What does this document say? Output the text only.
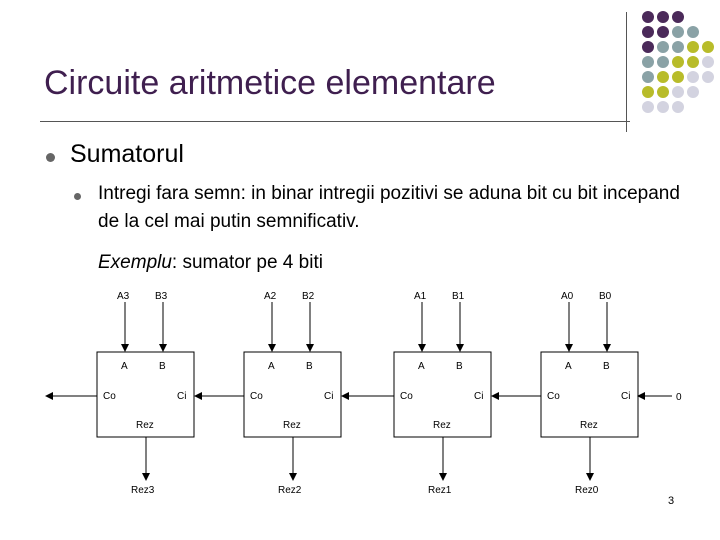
Circuite aritmetice elementare
Sumatorul
Intregi fara semn: in binar intregii pozitivi se aduna bit cu bit incepand de la cel mai putin semnificativ.
Exemplu: sumator pe 4 biti
A3	B3
A	B
Co	Ci
Rez
Rez3
A2	B2
A	B
Co	Ci
Rez
Rez2
A1	B1
A	B
Co	Ci
Rez
Rez1
A0	B0
A	B
Co	Ci
Rez
Rez0
0
3
